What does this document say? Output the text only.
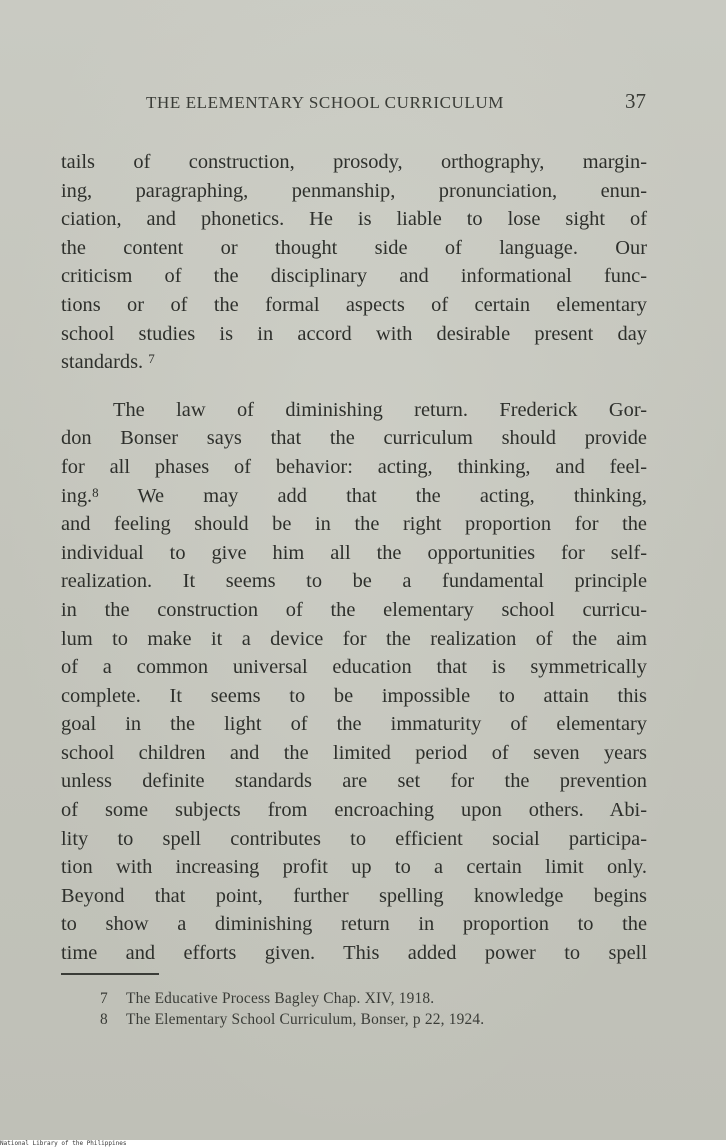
THE ELEMENTARY SCHOOL CURRICULUM	37
tails of construction, prosody, orthography, margin-
ing, paragraphing, penmanship, pronunciation, enun-
ciation, and phonetics. He is liable to lose sight of
the content or thought side of language. Our
criticism of the disciplinary and informational func-
tions or of the formal aspects of certain elementary
school studies is in accord with desirable present day
standards. $^7$
The law of diminishing return. Frederick Gor-
don Bonser says that the curriculum should provide
for all phases of behavior: acting, thinking, and feel-
ing.$^8$ We may add that the acting, thinking,
and feeling should be in the right proportion for the
individual to give him all the opportunities for self-
realization. It seems to be a fundamental principle
in the construction of the elementary school curricu-
lum to make it a device for the realization of the aim
of a common universal education that is symmetrically
complete. It seems to be impossible to attain this
goal in the light of the immaturity of elementary
school children and the limited period of seven years
unless definite standards are set for the prevention
of some subjects from encroaching upon others. Abi-
lity to spell contributes to efficient social participa-
tion with increasing profit up to a certain limit only.
Beyond that point, further spelling knowledge begins
to show a diminishing return in proportion to the
time and efforts given. This added power to spell
7 The Educative Process Bagley Chap. XIV, 1918.
8 The Elementary School Curriculum, Bonser, p 22, 1924.
National Library of the Philippines
